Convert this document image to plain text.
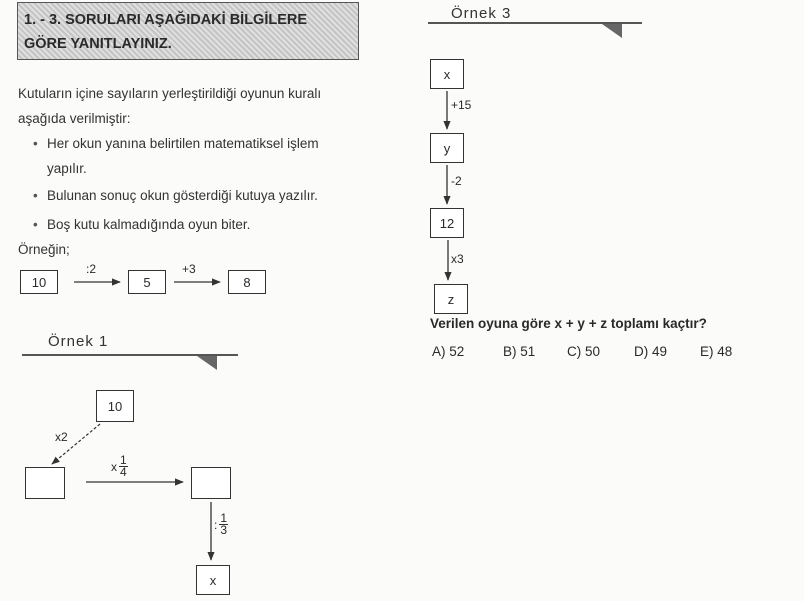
1. - 3. SORULARI AŞAĞIDAKİ BİLGİLERE
GÖRE YANITLAYINIZ.
Kutuların içine sayıların yerleştirildiği oyunun kuralı
aşağıda verilmiştir:
• Her okun yanına belirtilen matematiksel işlem
yapılır.
• Bulunan sonuç okun gösterdiği kutuya yazılır.
• Boş kutu kalmadığında oyun biter.
Örneğin;
10
:2
5
+3
8
Örnek 1
10
x2
x 1
4
: 1
3
x
Örnek 3
x
+15
y
-2
12
x3
z
Verilen oyuna göre x + y + z toplamı kaçtır?
A) 52	B) 51 C) 50	D) 49 E) 48
